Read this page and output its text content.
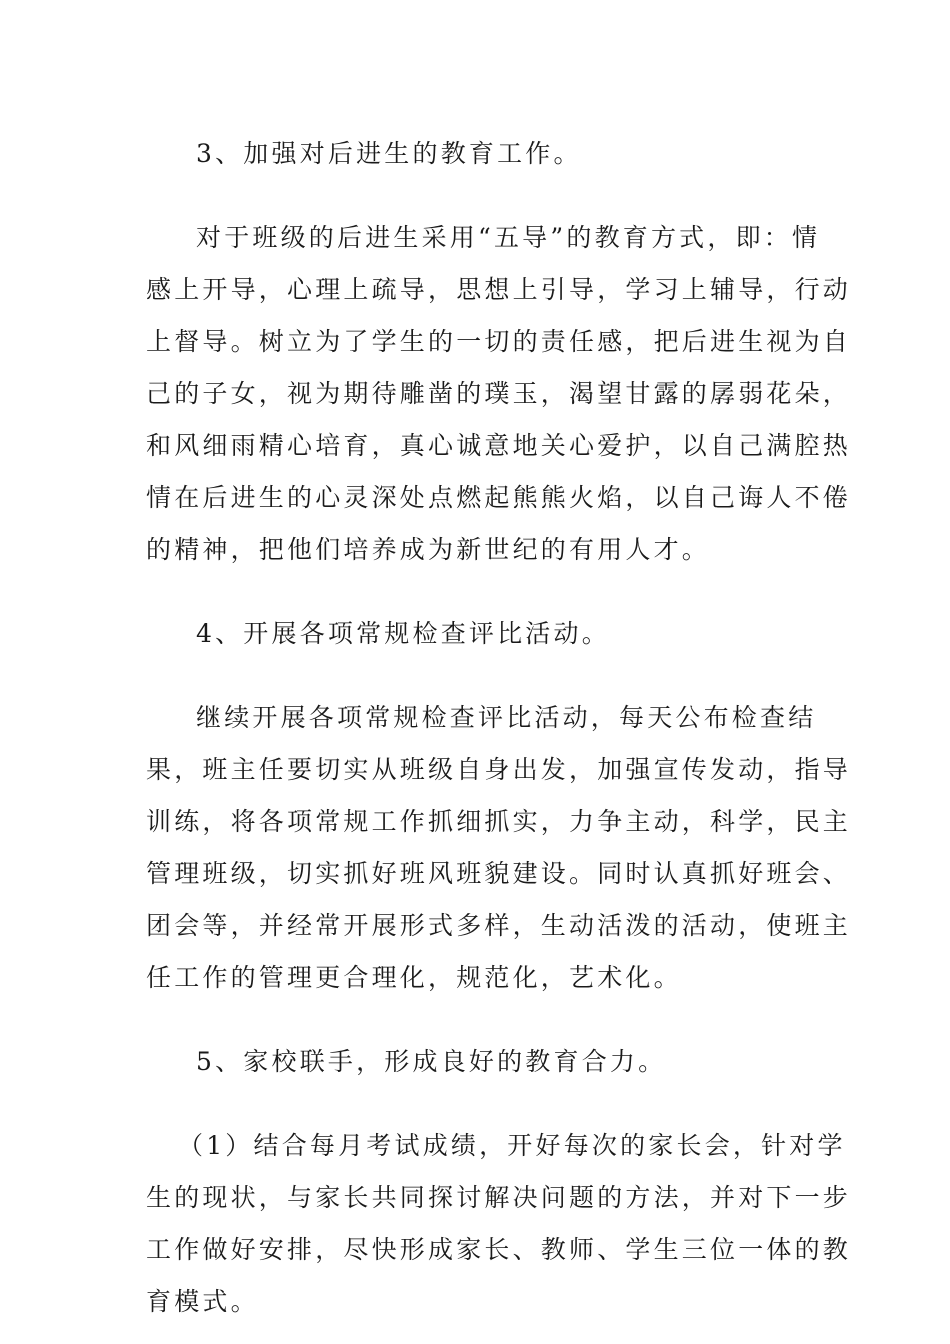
3、加强对后进生的教育工作。
对于班级的后进生采用“五导”的教育方式，即：情
感上开导，心理上疏导，思想上引导，学习上辅导，行动
上督导。树立为了学生的一切的责任感，把后进生视为自
己的子女，视为期待雕凿的璞玉，渴望甘露的孱弱花朵，
和风细雨精心培育，真心诚意地关心爱护，以自己满腔热
情在后进生的心灵深处点燃起熊熊火焰，以自己诲人不倦
的精神，把他们培养成为新世纪的有用人才。
4、开展各项常规检查评比活动。
继续开展各项常规检查评比活动，每天公布检查结
果，班主任要切实从班级自身出发，加强宣传发动，指导
训练，将各项常规工作抓细抓实，力争主动，科学，民主
管理班级，切实抓好班风班貌建设。同时认真抓好班会、
团会等，并经常开展形式多样，生动活泼的活动，使班主
任工作的管理更合理化，规范化，艺术化。
5、家校联手，形成良好的教育合力。
（1）结合每月考试成绩，开好每次的家长会，针对学
生的现状，与家长共同探讨解决问题的方法，并对下一步
工作做好安排，尽快形成家长、教师、学生三位一体的教
育模式。
